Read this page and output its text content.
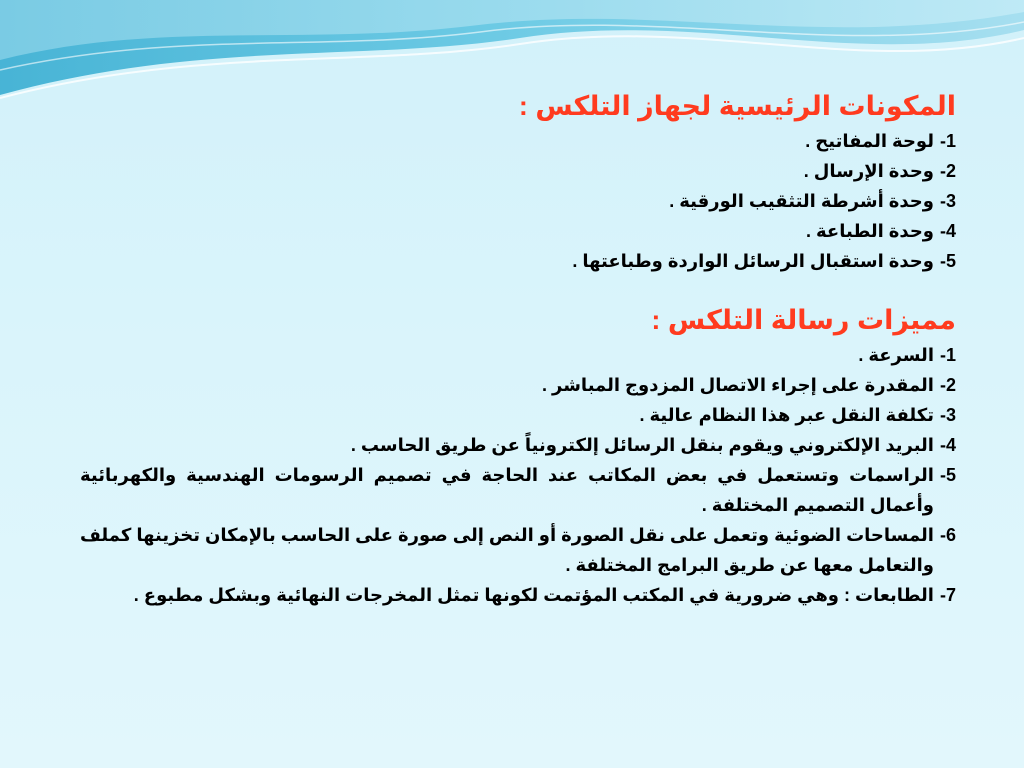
المكونات الرئيسية لجهاز التلكس :
1-
لوحة المفاتيح .
2-
وحدة الإرسال .
3-
وحدة أشرطة التثقيب الورقية .
4-
وحدة الطباعة .
5-
وحدة استقبال الرسائل الواردة وطباعتها .
مميزات رسالة التلكس :
1-
السرعة .
2-
المقدرة على إجراء الاتصال المزدوج المباشر .
3-
تكلفة النقل عبر هذا النظام عالية .
4-
البريد الإلكتروني ويقوم بنقل الرسائل إلكترونياً عن طريق الحاسب .
5-
الراسمات وتستعمل في بعض المكاتب عند الحاجة في تصميم الرسومات الهندسية والكهربائية وأعمال التصميم المختلفة .
6-
المساحات الضوئية وتعمل على نقل الصورة أو النص إلى صورة على الحاسب بالإمكان تخزينها كملف والتعامل معها عن طريق البرامج المختلفة .
7-
الطابعات : وهي ضرورية في المكتب المؤتمت لكونها تمثل المخرجات النهائية وبشكل مطبوع .
